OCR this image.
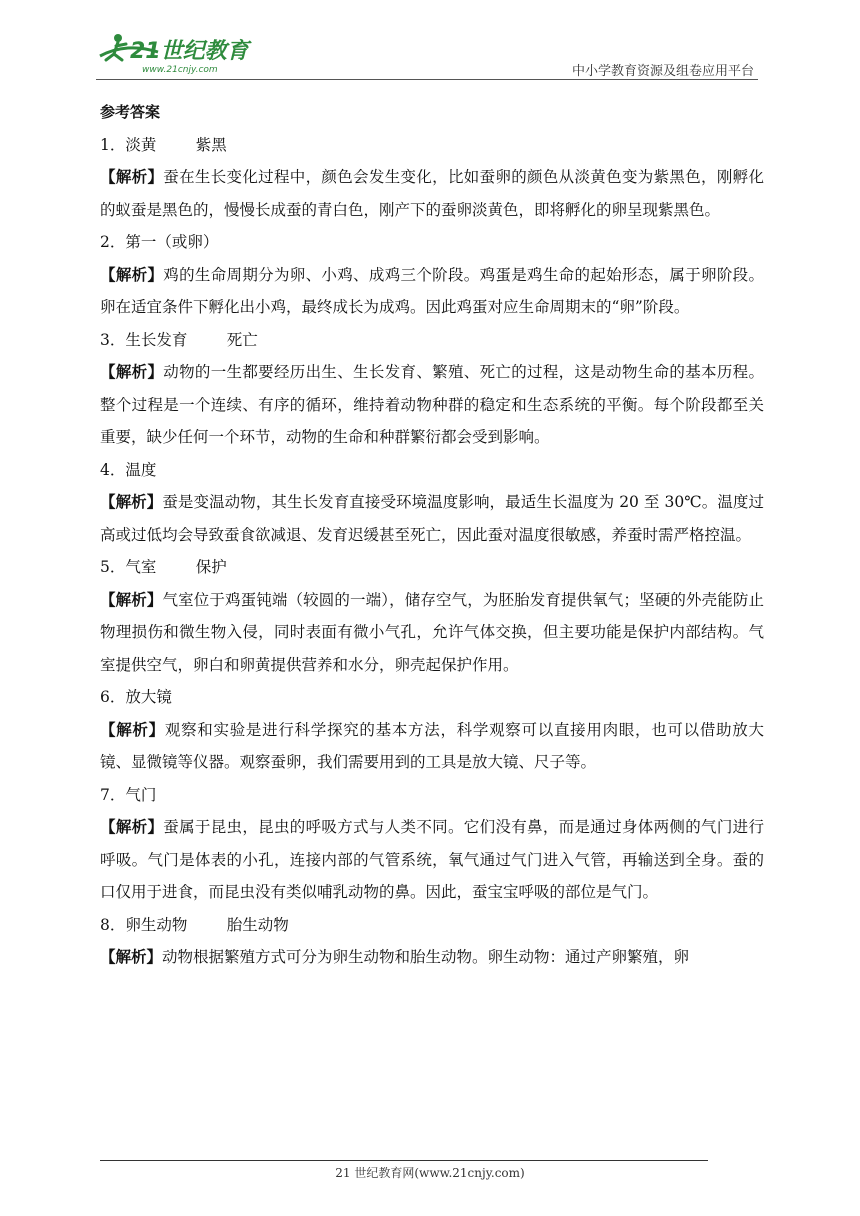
21世纪教育
www.21cnjy.com	中小学教育资源及组卷应用平台
参考答案
1．淡黄        紫黑
【解析】蚕在生长变化过程中，颜色会发生变化，比如蚕卵的颜色从淡黄色变为紫黑色，刚孵化的蚁蚕是黑色的，慢慢长成蚕的青白色，刚产下的蚕卵淡黄色，即将孵化的卵呈现紫黑色。
2．第一（或卵）
【解析】鸡的生命周期分为卵、小鸡、成鸡三个阶段。鸡蛋是鸡生命的起始形态，属于卵阶段。卵在适宜条件下孵化出小鸡，最终成长为成鸡。因此鸡蛋对应生命周期末的“卵”阶段。
3．生长发育        死亡
【解析】动物的一生都要经历出生、生长发育、繁殖、死亡的过程，这是动物生命的基本历程。整个过程是一个连续、有序的循环，维持着动物种群的稳定和生态系统的平衡。每个阶段都至关重要，缺少任何一个环节，动物的生命和种群繁衍都会受到影响。
4．温度
【解析】蚕是变温动物，其生长发育直接受环境温度影响，最适生长温度为 20 至 30℃。温度过高或过低均会导致蚕食欲减退、发育迟缓甚至死亡，因此蚕对温度很敏感，养蚕时需严格控温。
5．气室        保护
【解析】气室位于鸡蛋钝端（较圆的一端），储存空气，为胚胎发育提供氧气；坚硬的外壳能防止物理损伤和微生物入侵，同时表面有微小气孔，允许气体交换，但主要功能是保护内部结构。气室提供空气，卵白和卵黄提供营养和水分，卵壳起保护作用。
6．放大镜
【解析】观察和实验是进行科学探究的基本方法，科学观察可以直接用肉眼，也可以借助放大镜、显微镜等仪器。观察蚕卵，我们需要用到的工具是放大镜、尺子等。
7．气门
【解析】蚕属于昆虫，昆虫的呼吸方式与人类不同。它们没有鼻，而是通过身体两侧的气门进行呼吸。气门是体表的小孔，连接内部的气管系统，氧气通过气门进入气管，再输送到全身。蚕的口仅用于进食，而昆虫没有类似哺乳动物的鼻。因此，蚕宝宝呼吸的部位是气门。
8．卵生动物        胎生动物
【解析】动物根据繁殖方式可分为卵生动物和胎生动物。卵生动物：通过产卵繁殖，卵
21 世纪教育网(www.21cnjy.com)
